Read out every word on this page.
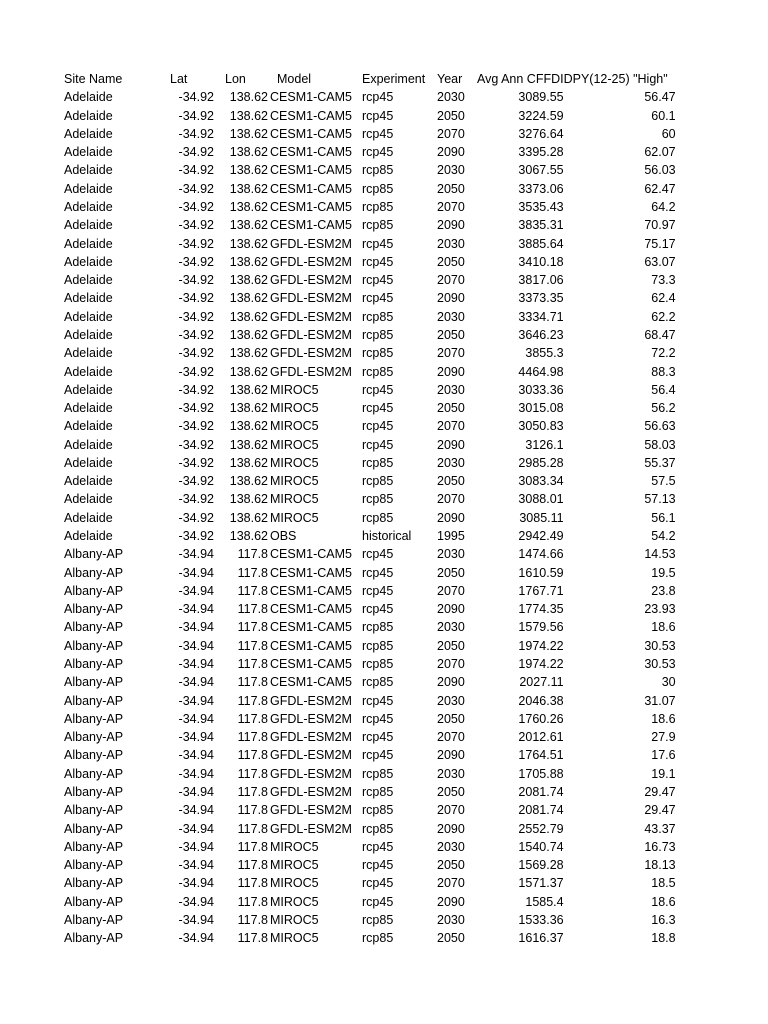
Site Name	Lat	Lon	Model	Experiment	Year	Avg Ann CFFDI	DPY(12-25) "High"
Adelaide	-34.92	138.62	CESM1-CAM5	rcp45	2030	3089.55	56.47
Adelaide	-34.92	138.62	CESM1-CAM5	rcp45	2050	3224.59	60.1
Adelaide	-34.92	138.62	CESM1-CAM5	rcp45	2070	3276.64	60
Adelaide	-34.92	138.62	CESM1-CAM5	rcp45	2090	3395.28	62.07
Adelaide	-34.92	138.62	CESM1-CAM5	rcp85	2030	3067.55	56.03
Adelaide	-34.92	138.62	CESM1-CAM5	rcp85	2050	3373.06	62.47
Adelaide	-34.92	138.62	CESM1-CAM5	rcp85	2070	3535.43	64.2
Adelaide	-34.92	138.62	CESM1-CAM5	rcp85	2090	3835.31	70.97
Adelaide	-34.92	138.62	GFDL-ESM2M	rcp45	2030	3885.64	75.17
Adelaide	-34.92	138.62	GFDL-ESM2M	rcp45	2050	3410.18	63.07
Adelaide	-34.92	138.62	GFDL-ESM2M	rcp45	2070	3817.06	73.3
Adelaide	-34.92	138.62	GFDL-ESM2M	rcp45	2090	3373.35	62.4
Adelaide	-34.92	138.62	GFDL-ESM2M	rcp85	2030	3334.71	62.2
Adelaide	-34.92	138.62	GFDL-ESM2M	rcp85	2050	3646.23	68.47
Adelaide	-34.92	138.62	GFDL-ESM2M	rcp85	2070	3855.3	72.2
Adelaide	-34.92	138.62	GFDL-ESM2M	rcp85	2090	4464.98	88.3
Adelaide	-34.92	138.62	MIROC5	rcp45	2030	3033.36	56.4
Adelaide	-34.92	138.62	MIROC5	rcp45	2050	3015.08	56.2
Adelaide	-34.92	138.62	MIROC5	rcp45	2070	3050.83	56.63
Adelaide	-34.92	138.62	MIROC5	rcp45	2090	3126.1	58.03
Adelaide	-34.92	138.62	MIROC5	rcp85	2030	2985.28	55.37
Adelaide	-34.92	138.62	MIROC5	rcp85	2050	3083.34	57.5
Adelaide	-34.92	138.62	MIROC5	rcp85	2070	3088.01	57.13
Adelaide	-34.92	138.62	MIROC5	rcp85	2090	3085.11	56.1
Adelaide	-34.92	138.62	OBS	historical	1995	2942.49	54.2
Albany-AP	-34.94	117.8	CESM1-CAM5	rcp45	2030	1474.66	14.53
Albany-AP	-34.94	117.8	CESM1-CAM5	rcp45	2050	1610.59	19.5
Albany-AP	-34.94	117.8	CESM1-CAM5	rcp45	2070	1767.71	23.8
Albany-AP	-34.94	117.8	CESM1-CAM5	rcp45	2090	1774.35	23.93
Albany-AP	-34.94	117.8	CESM1-CAM5	rcp85	2030	1579.56	18.6
Albany-AP	-34.94	117.8	CESM1-CAM5	rcp85	2050	1974.22	30.53
Albany-AP	-34.94	117.8	CESM1-CAM5	rcp85	2070	1974.22	30.53
Albany-AP	-34.94	117.8	CESM1-CAM5	rcp85	2090	2027.11	30
Albany-AP	-34.94	117.8	GFDL-ESM2M	rcp45	2030	2046.38	31.07
Albany-AP	-34.94	117.8	GFDL-ESM2M	rcp45	2050	1760.26	18.6
Albany-AP	-34.94	117.8	GFDL-ESM2M	rcp45	2070	2012.61	27.9
Albany-AP	-34.94	117.8	GFDL-ESM2M	rcp45	2090	1764.51	17.6
Albany-AP	-34.94	117.8	GFDL-ESM2M	rcp85	2030	1705.88	19.1
Albany-AP	-34.94	117.8	GFDL-ESM2M	rcp85	2050	2081.74	29.47
Albany-AP	-34.94	117.8	GFDL-ESM2M	rcp85	2070	2081.74	29.47
Albany-AP	-34.94	117.8	GFDL-ESM2M	rcp85	2090	2552.79	43.37
Albany-AP	-34.94	117.8	MIROC5	rcp45	2030	1540.74	16.73
Albany-AP	-34.94	117.8	MIROC5	rcp45	2050	1569.28	18.13
Albany-AP	-34.94	117.8	MIROC5	rcp45	2070	1571.37	18.5
Albany-AP	-34.94	117.8	MIROC5	rcp45	2090	1585.4	18.6
Albany-AP	-34.94	117.8	MIROC5	rcp85	2030	1533.36	16.3
Albany-AP	-34.94	117.8	MIROC5	rcp85	2050	1616.37	18.8
